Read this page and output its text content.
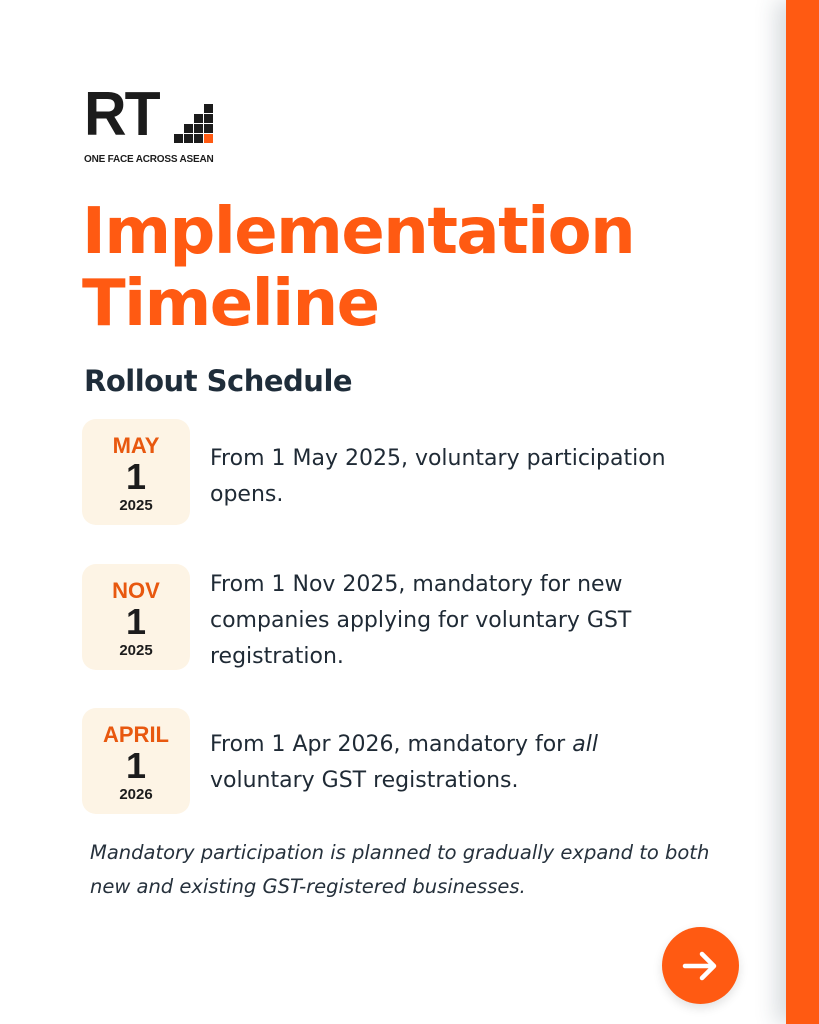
RT
ONE FACE ACROSS ASEAN
Implementation Timeline
Rollout Schedule
MAY
1
2025

From 1 May 2025, voluntary participation opens.

NOV
1
2025

From 1 Nov 2025, mandatory for new companies applying for voluntary GST registration.

APRIL
1
2026

From 1 Apr 2026, mandatory for all voluntary GST registrations.

Mandatory participation is planned to gradually expand to both new and existing GST-registered businesses.
